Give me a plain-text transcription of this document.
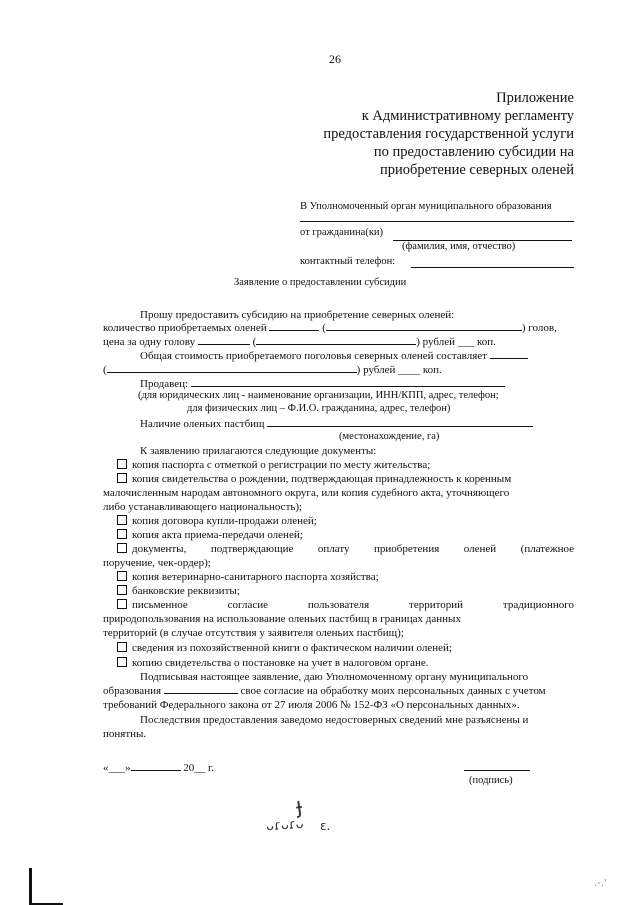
26
Приложение
к Административному регламенту
предоставления государственной услуги
по предоставлению субсидии на
приобретение северных оленей
В Уполномоченный орган муниципального образования
от гражданина(ки)
(фамилия, имя, отчество)
контактный телефон:
Заявление о предоставлении субсидии
Прошу предоставить субсидию на приобретение северных оленей:
количество приобретаемых оленей	(	) голов,
цена за одну голову	(	) рублей ___ коп.
Общая стоимость приобретаемого поголовья северных оленей составляет
(	) рублей ____ коп.
Продавец:
(для юридических лиц - наименование организации, ИНН/КПП, адрес, телефон;
для физических лиц – Ф.И.О. гражданина, адрес, телефон)
Наличие оленьих пастбищ
(местонахождение, га)
К заявлению прилагаются следующие документы:
копия паспорта с отметкой о регистрации по месту жительства;
копия свидетельства о рождении, подтверждающая принадлежность к коренным
малочисленным народам автономного округа, или копия судебного акта, уточняющего
либо устанавливающего национальность);
копия договора купли-продажи оленей;
копия акта приема-передачи оленей;
документы, подтверждающие оплату приобретения оленей (платежное
поручение, чек-ордер);
копия ветеринарно-санитарного паспорта хозяйства;
банковские реквизиты;
письменное согласие пользователя территорий традиционного
природопользования на использование оленьих пастбищ в границах данных
территорий (в случае отсутствия у заявителя оленьих пастбищ);
сведения из похозяйственной книги о фактическом наличии оленей;
копию свидетельства о постановке на учет в налоговом органе.
Подписывая настоящее заявление, даю Уполномоченному органу муниципального
образования	свое согласие на обработку моих персональных данных с учетом
требований Федерального закона от 27 июля 2006 № 152-ФЗ «О персональных данных».
Последствия предоставления заведомо недостоверных сведений мне разъяснены и
понятны.
«___»	20__ г.
(подпись)
ɟ
ᴗɾᴗɾᴗ ɛ.
.-.'
